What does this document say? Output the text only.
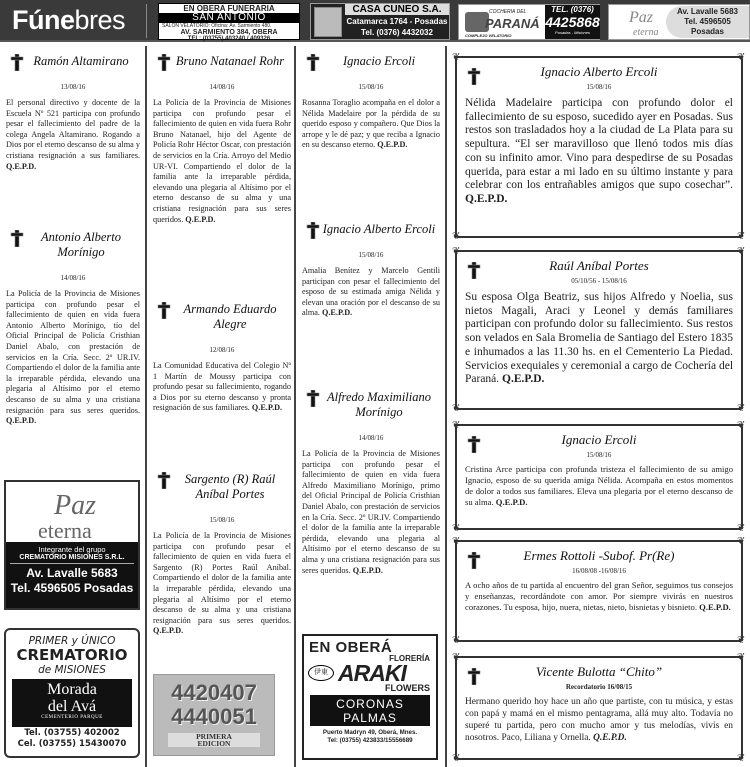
Fúnebres	EN OBERA FUNERARIA
SAN ANTONIO
SALON VELATORIO: Oficina: Av. Sarmiento 480.
AV. SARMIENTO 384, OBERA
TEL: (03755) 403240 / 409326
CASA CUNEO S.A.
Catamarca 1764 - Posadas
Tel. (0376) 4432032
COCHERIA DEL
PARANÁ
COMPLEJO VELATORIO
TEL. (0376)
4425868
Posadas - Misiones
Paz
eterna
Av. Lavalle 5683
Tel. 4596505
Posadas
Ramón Altamirano
13/08/16
El personal directivo y docente de la Escuela Nº 521 participa con profundo pesar el fallecimiento del padre de la colega Angela Altamirano. Rogando a Dios por el eterno descanso de su alma y cristiana resignación a sus familiares. Q.E.P.D.
Antonio Alberto Morínigo
14/08/16
La Policía de la Provincia de Misiones participa con profundo pesar el fallecimiento de quien en vida fuera Antonio Alberto Morínigo, tío del Oficial Principal de Policía Cristhian Daniel Abalo, con prestación de servicios en la Cría. Secc. 2º UR.IV. Compartiendo el dolor de la familia ante la irreparable pérdida, elevando una plegaria al Altísimo por el eterno descanso de su alma y una cristiana resignación para sus seres queridos. Q.E.P.D.
Paz
eterna
Integrante del grupo
CREMATORIO MISIONES S.R.L.
Av. Lavalle 5683
Tel. 4596505 Posadas
PRIMER y ÚNICO
CREMATORIO
de MISIONES
Morada
del Avá
CEMENTERIO PARQUE
Tel. (03755) 402002
Cel. (03755) 15430070
Bruno Natanael Rohr
14/08/16
La Policía de la Provincia de Misiones participa con profundo pesar el fallecimiento de quien en vida fuera Rohr Bruno Natanael, hijo del Agente de Policía Rohr Héctor Oscar, con prestación de servicios en la Cría. Arroyo del Medio UR-VI. Compartiendo el dolor de la familia ante la irreparable pérdida, elevando una plegaria al Altísimo por el eterno descanso de su alma y una cristiana resignación para sus seres queridos. Q.E.P.D.
Armando Eduardo Alegre
12/08/16
La Comunidad Educativa del Colegio Nº 1 Martín de Moussy participa con profundo pesar su fallecimiento, rogando a Dios por su eterno descanso y pronta resignación de sus familiares. Q.E.P.D.
Sargento (R) Raúl Aníbal Portes
15/08/16
La Policía de la Provincia de Misiones participa con profundo pesar el fallecimiento de quien en vida fuera el Sargento (R) Portes Raúl Aníbal. Compartiendo el dolor de la familia ante la irreparable pérdida, elevando una plegaria al Altísimo por el eterno descanso de su alma y una cristiana resignación para sus seres queridos. Q.E.P.D.
4420407
4440051
PRIMERA
EDICION
Ignacio Ercoli
15/08/16
Rosanna Toraglio acompaña en el dolor a Nélida Madelaire por la pérdida de su querido esposo y compañero. Que Dios la arrope y le dé paz; y que reciba a Ignacio en su descanso eterno. Q.E.P.D.
Ignacio Alberto Ercoli
15/08/16
Amalia Benítez y Marcelo Gentili participan con pesar el fallecimiento del esposo de su estimada amiga Nélida y elevan una oración por el descanso de su alma. Q.E.P.D.
Alfredo Maximiliano Morínigo
14/08/16
La Policía de la Provincia de Misiones participa con profundo pesar el fallecimiento de quien en vida fuera Alfredo Maximiliano Morínigo, primo del Oficial Principal de Policía Cristhian Daniel Abalo, con prestación de servicios en la Cría. Secc. 2º UR.IV. Compartiendo el dolor de la familia ante la irreparable pérdida, elevando una plegaria al Altísimo por el eterno descanso de su alma y una cristiana resignación para sus seres queridos. Q.E.P.D.
EN OBERÁ
FLORERÍA
伊東 ARAKI
FLOWERS
CORONAS
PALMAS
Puerto Madryn 49, Oberá, Mnes.
Tel: (03755) 423833/15556689
❦	❦
❦	❦
Ignacio Alberto Ercoli
15/08/16
Nélida Madelaire participa con profundo dolor el fallecimiento de su esposo, sucedido ayer en Posadas. Sus restos son trasladados hoy a la ciudad de La Plata para su sepultura. “El ser maravilloso que llenó todos mis días con su infinito amor. Vino para despedirse de su Posadas querida, para estar a mi lado en su último instante y para celebrar con los entrañables amigos que supo cosechar”. Q.E.P.D.
❦	❦
❦	❦
Raúl Aníbal Portes
05/10/56 - 15/08/16
Su esposa Olga Beatriz, sus hijos Alfredo y Noelia, sus nietos Magali, Araci y Leonel y demás familiares participan con profundo dolor su fallecimiento. Sus restos son velados en Sala Bromelia de Santiago del Estero 1835 e inhumados a las 11.30 hs. en el Cementerio La Piedad. Servicios exequiales y ceremonial a cargo de Cochería del Paraná. Q.E.P.D.
❦	❦
❦	❦
Ignacio Ercoli
15/08/16
Cristina Arce participa con profunda tristeza el fallecimiento de su amigo Ignacio, esposo de su querida amiga Nélida. Acompaña en estos momentos de dolor a todos sus familiares. Eleva una plegaria por el eterno descanso de su alma. Q.E.P.D.
❦	❦
❦	❦
Ermes Rottoli -Subof. Pr(Re)
16/08/08 -16/08/16
A ocho años de tu partida al encuentro del gran Señor, seguimos tus consejos y enseñanzas, recordándote con amor. Por siempre vivirás en nuestros corazones. Tu esposa, hijo, nuera, nietas, nieto, bisnietas y bisnieto. Q.E.P.D.
❦	❦
❦	❦
Vicente Bulotta “Chito”
Recordatorio 16/08/15
Hermano querido hoy hace un año que partiste, con tu música, y estas con papá y mamá en el mismo pentagrama, allá muy alto. Todavía no superé tu partida, pero con mucho amor y tus melodías, vivis en nosotros. Paco, Liliana y Ornella. Q.E.P.D.
